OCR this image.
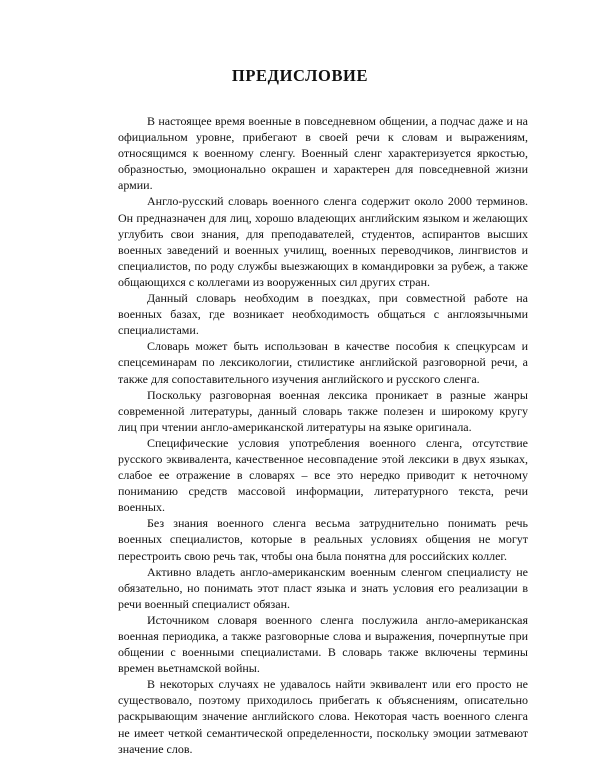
ПРЕДИСЛОВИЕ

В настоящее время военные в повседневном общении, а подчас даже и на официальном уровне, прибегают в своей речи к словам и выражениям, относящимся к военному сленгу. Военный сленг характеризуется яркостью, образностью, эмоционально окрашен и характерен для повседневной жизни армии.

Англо-русский словарь военного сленга содержит около 2000 терминов. Он предназначен для лиц, хорошо владеющих английским языком и желающих углубить свои знания, для преподавателей, студентов, аспирантов высших военных заведений и военных училищ, военных переводчиков, лингвистов и специалистов, по роду службы выезжающих в командировки за рубеж, а также общающихся с коллегами из вооруженных сил других стран.

Данный словарь необходим в поездках, при совместной работе на военных базах, где возникает необходимость общаться с англоязычными специалистами.

Словарь может быть использован в качестве пособия к спецкурсам и спецсеминарам по лексикологии, стилистике английской разговорной речи, а также для сопоставительного изучения английского и русского сленга.

Поскольку разговорная военная лексика проникает в разные жанры современной литературы, данный словарь также полезен и широкому кругу лиц при чтении англо-американской литературы на языке оригинала.

Специфические условия употребления военного сленга, отсутствие русского эквивалента, качественное несовпадение этой лексики в двух языках, слабое ее отражение в словарях – все это нередко приводит к неточному пониманию средств массовой информации, литературного текста, речи военных.

Без знания военного сленга весьма затруднительно понимать речь военных специалистов, которые в реальных условиях общения не могут перестроить свою речь так, чтобы она была понятна для российских коллег.

Активно владеть англо-американским военным сленгом специалисту не обязательно, но понимать этот пласт языка и знать условия его реализации в речи военный специалист обязан.

Источником словаря военного сленга послужила англо-американская военная периодика, а также разговорные слова и выражения, почерпнутые при общении с военными специалистами. В словарь также включены термины времен вьетнамской войны.

В некоторых случаях не удавалось найти эквивалент или его просто не существовало, поэтому приходилось прибегать к объяснениям, описательно раскрывающим значение английского слова. Некоторая часть военного сленга не имеет четкой семантической определенности, поскольку эмоции затмевают значение слов.
